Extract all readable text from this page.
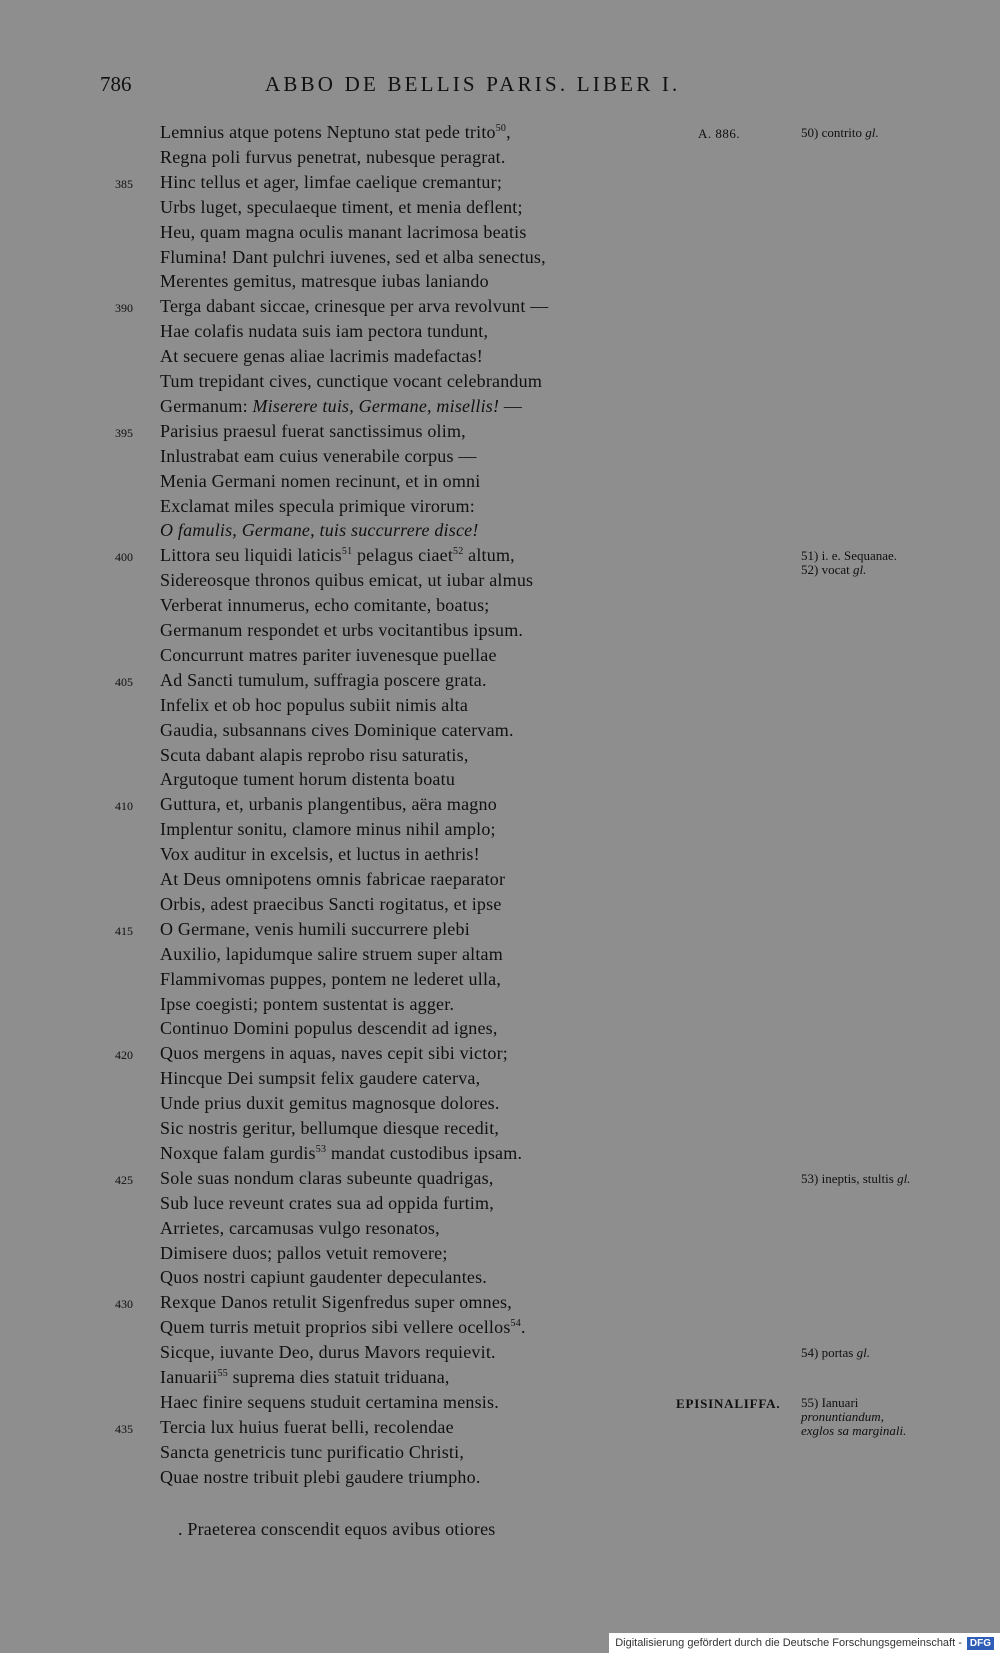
786	ABBO DE BELLIS PARIS. LIBER I.
Lemnius atque potens Neptuno stat pede trito$^{50}$,
Regna poli furvus penetrat, nubesque peragrat.
385 Hinc tellus et ager, limfae caelique cremantur;
Urbs luget, speculaeque timent, et menia deflent;
Heu, quam magna oculis manant lacrimosa beatis
Flumina! Dant pulchri iuvenes, sed et alba senectus,
Merentes gemitus, matresque iubas laniando
390 Terga dabant siccae, crinesque per arva revolvunt —
Hae colafis nudata suis iam pectora tundunt,
At secuere genas aliae lacrimis madefactas!
Tum trepidant cives, cunctique vocant celebrandum
Germanum: Miserere tuis, Germane, misellis! —
395 Parisius praesul fuerat sanctissimus olim,
Inlustrabat eam cuius venerabile corpus —
Menia Germani nomen recinunt, et in omni
Exclamat miles specula primique virorum:
O famulis, Germane, tuis succurrere disce!
400 Littora seu liquidi laticis$^{51}$ pelagus ciaet$^{52}$ altum,
Sidereosque thronos quibus emicat, ut iubar almus
Verberat innumerus, echo comitante, boatus;
Germanum respondet et urbs vocitantibus ipsum.
Concurrunt matres pariter iuvenesque puellae
405 Ad Sancti tumulum, suffragia poscere grata.
Infelix et ob hoc populus subiit nimis alta
Gaudia, subsannans cives Dominique catervam.
Scuta dabant alapis reprobo risu saturatis,
Argutoque tument horum distenta boatu
410 Guttura, et, urbanis plangentibus, aëra magno
Implentur sonitu, clamore minus nihil amplo;
Vox auditur in excelsis, et luctus in aethris!
At Deus omnipotens omnis fabricae raeparator
Orbis, adest praecibus Sancti rogitatus, et ipse
415 O Germane, venis humili succurrere plebi
Auxilio, lapidumque salire struem super altam
Flammivomas puppes, pontem ne lederet ulla,
Ipse coegisti; pontem sustentat is agger.
Continuo Domini populus descendit ad ignes,
420 Quos mergens in aquas, naves cepit sibi victor;
Hincque Dei sumpsit felix gaudere caterva,
Unde prius duxit gemitus magnosque dolores.
Sic nostris geritur, bellumque diesque recedit,
Noxque falam gurdis$^{53}$ mandat custodibus ipsam.
425 Sole suas nondum claras subeunte quadrigas,
Sub luce reveunt crates sua ad oppida furtim,
Arrietes, carcamusas vulgo resonatos,
Dimisere duos; pallos vetuit removere;
Quos nostri capiunt gaudenter depeculantes.
430 Rexque Danos retulit Sigenfredus super omnes,
Quem turris metuit proprios sibi vellere ocellos$^{54}$.
Sicque, iuvante Deo, durus Mavors requievit.
Ianuarii$^{55}$ suprema dies statuit triduana,
Haec finire sequens studuit certamina mensis.
435 Tercia lux huius fuerat belli, recolendae
Sancta genetricis tunc purificatio Christi,
Quae nostre tribuit plebi gaudere triumpho.
A. 886.
EPISINALIFFA.
50) contrito gl.
51) i. e. Sequanae. 52) vocat gl.
53) ineptis, stultis gl.
54) portas gl.
55) Ianuari pronuntiandum, exglos sa marginali.
. Praeterea conscendit equos avibus otiores
Digitalisierung gefördert durch die Deutsche Forschungsgemeinschaft - DFG
